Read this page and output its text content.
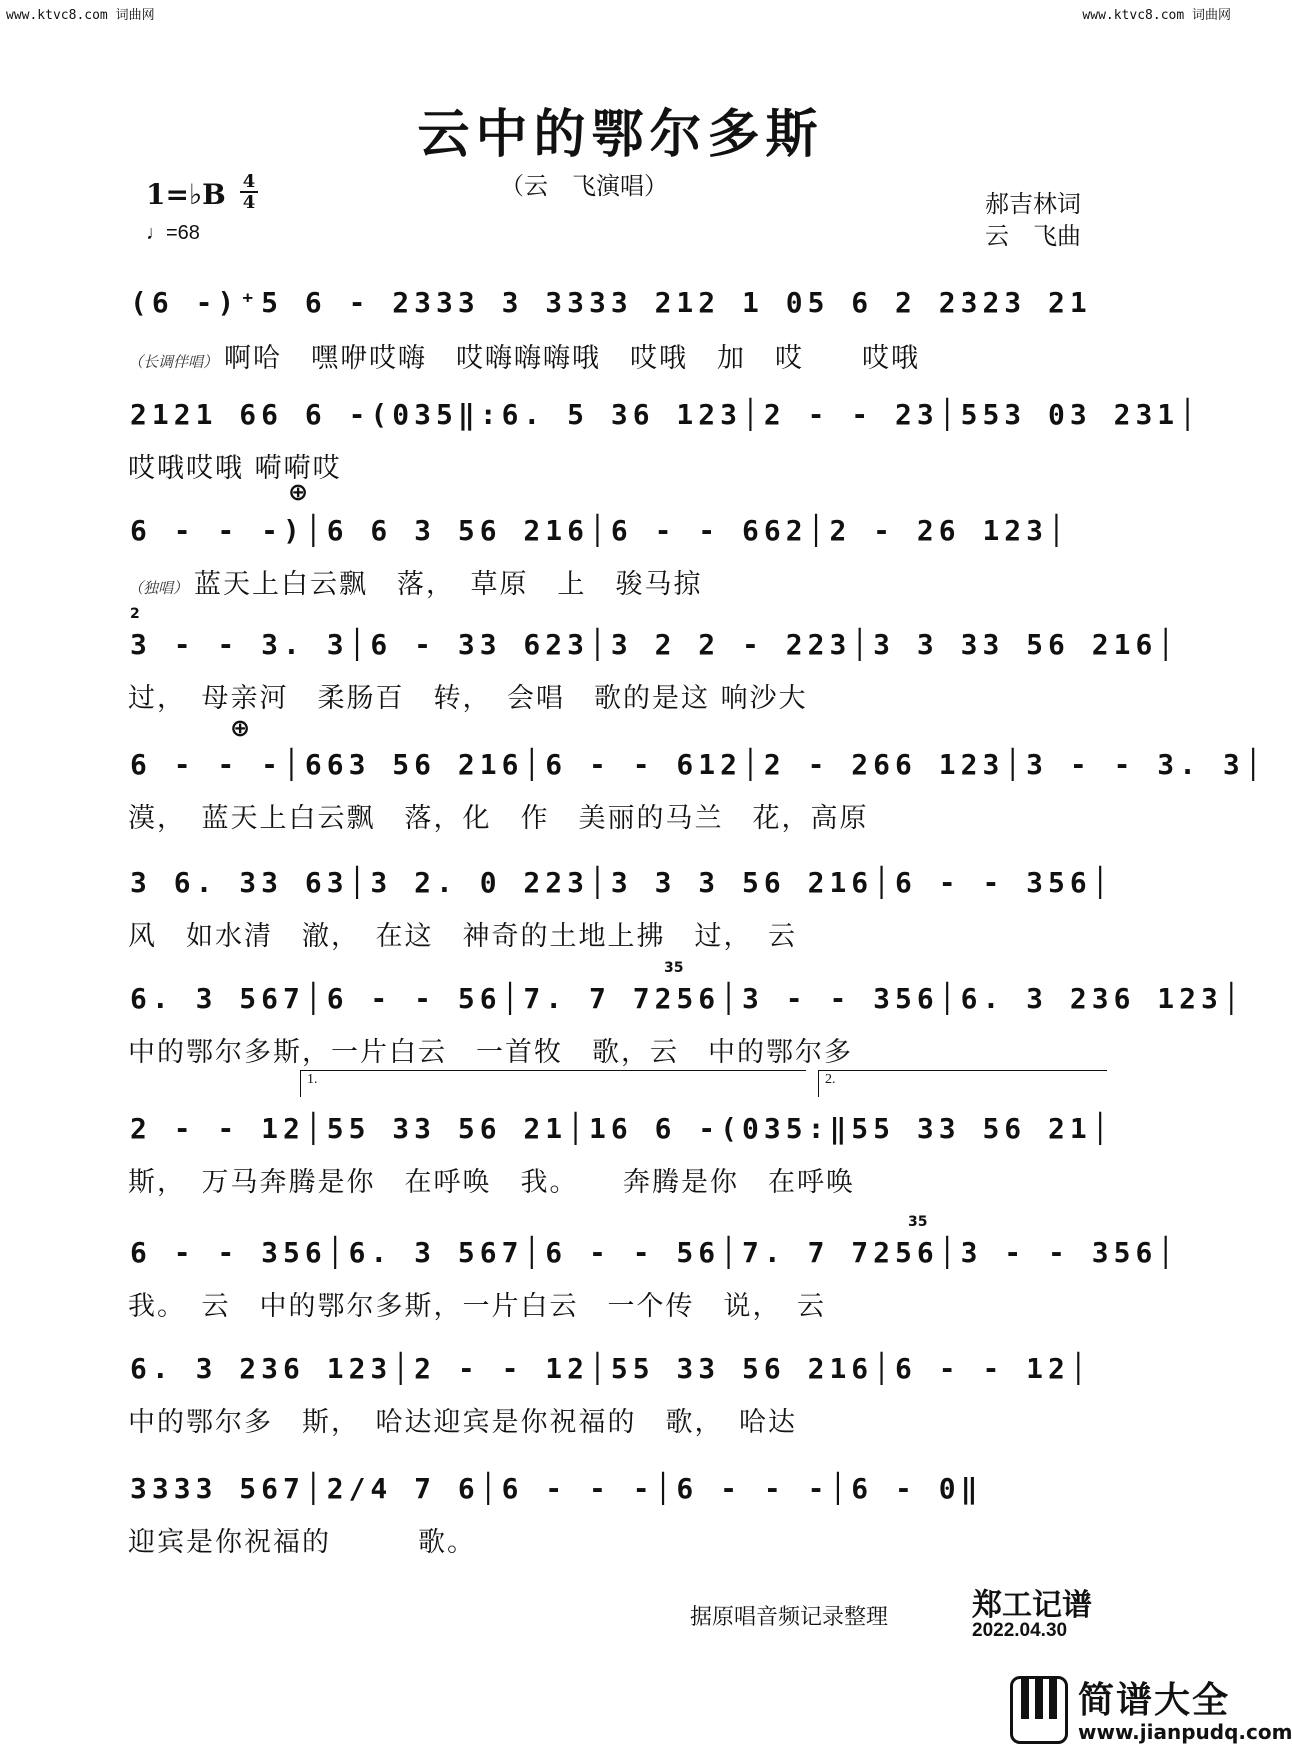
www.ktvc8.com 词曲网	www.ktvc8.com 词曲网
云中的鄂尔多斯
（云　飞演唱）
郝吉林词
云　飞曲
1=♭B 4
4
♩=68
(6 -)⁺5 6 - 2333 3 3333 212 1 05 6 2 2323 21
（长调伴唱） 啊哈　嘿咿哎嗨　哎嗨嗨嗨哦　哎哦　加　哎　　哎哦
2121 66 6 -(035‖:6. 5 36 123│2 - - 23│553 03 231│
哎哦哎哦 嗬嗬哎
⊕
6 - - -)│6 6 3 56 216│6 - - 662│2 - 26 123│
（独唱） 蓝天上白云飘　落，　草原　上　骏马掠
2
3 - - 3. 3│6 - 33 623│3 2 2 - 223│3 3 33 56 216│
过，　母亲河　柔肠百　转，　会唱　歌的是这 响沙大
⊕
6 - - -│663 56 216│6 - - 612│2 - 266 123│3 - - 3. 3│
漠，　蓝天上白云飘　落，化　作　美丽的马兰　花，高原
3 6. 33 63│3 2. 0 223│3 3 3 56 216│6 - - 356│
风　如水清　澈，　在这　神奇的土地上拂　过，　云
35
6. 3 567│6 - - 56│7. 7 7256│3 - - 356│6. 3 236 123│
中的鄂尔多斯，一片白云　一首牧　歌，云　中的鄂尔多
1.	2.
2 - - 12│55 33 56 21│16 6 -(035:‖55 33 56 21│
斯，　万马奔腾是你　在呼唤　我。　　奔腾是你　在呼唤
35
6 - - 356│6. 3 567│6 - - 56│7. 7 7256│3 - - 356│
我。　云　中的鄂尔多斯，一片白云　一个传　说，　云
6. 3 236 123│2 - - 12│55 33 56 216│6 - - 12│
中的鄂尔多　斯，　哈达迎宾是你祝福的　歌，　哈达
3333 567│2/4 7 6│6 - - -│6 - - -│6 - 0‖
迎宾是你祝福的　　　歌。
据原唱音频记录整理	郑工记谱
2022.04.30
简谱大全
www.jianpudq.com
